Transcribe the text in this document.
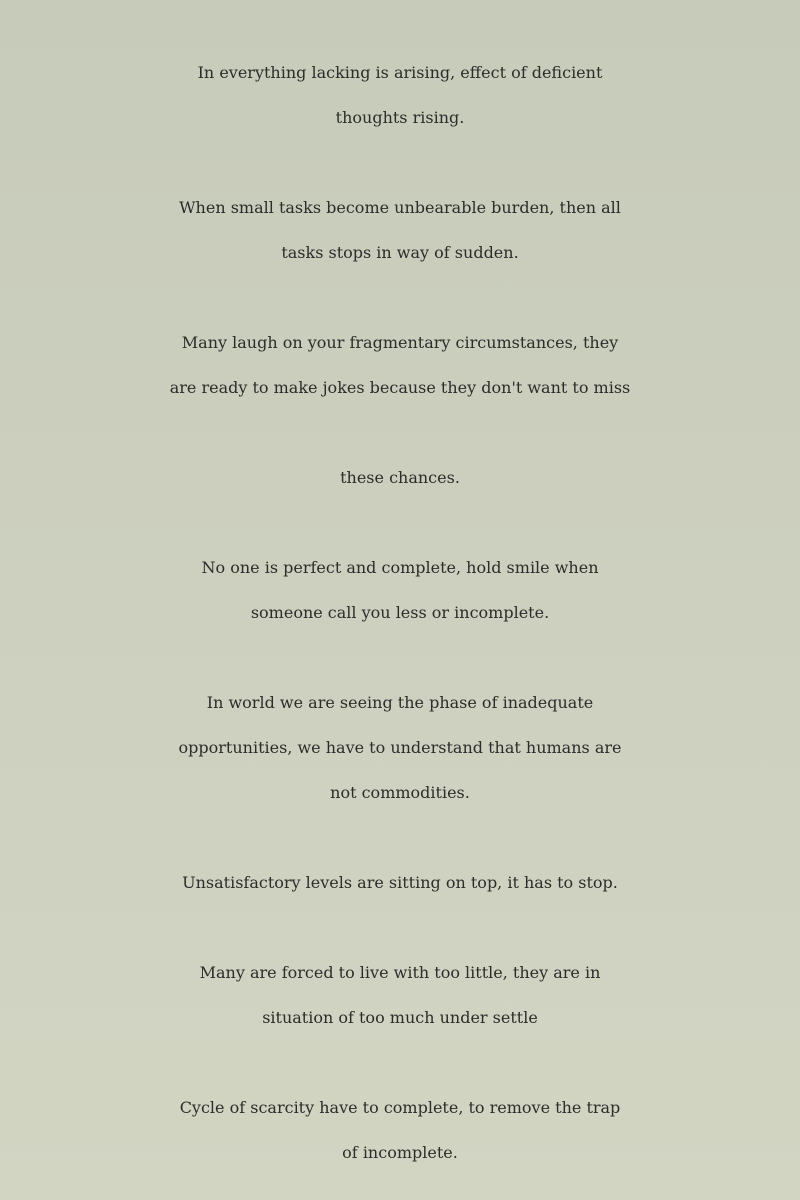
In everything lacking is arising, effect of deficient
thoughts rising.
When small tasks become unbearable burden, then all
tasks stops in way of sudden.
Many laugh on your fragmentary circumstances, they
are ready to make jokes because they don't want to miss
these chances.
No one is perfect and complete, hold smile when
someone call you less or incomplete.
In world we are seeing the phase of inadequate
opportunities, we have to understand that humans are
not commodities.
Unsatisfactory levels are sitting on top, it has to stop.
Many are forced to live with too little, they are in
situation of too much under settle
Cycle of scarcity have to complete, to remove the trap
of incomplete.
